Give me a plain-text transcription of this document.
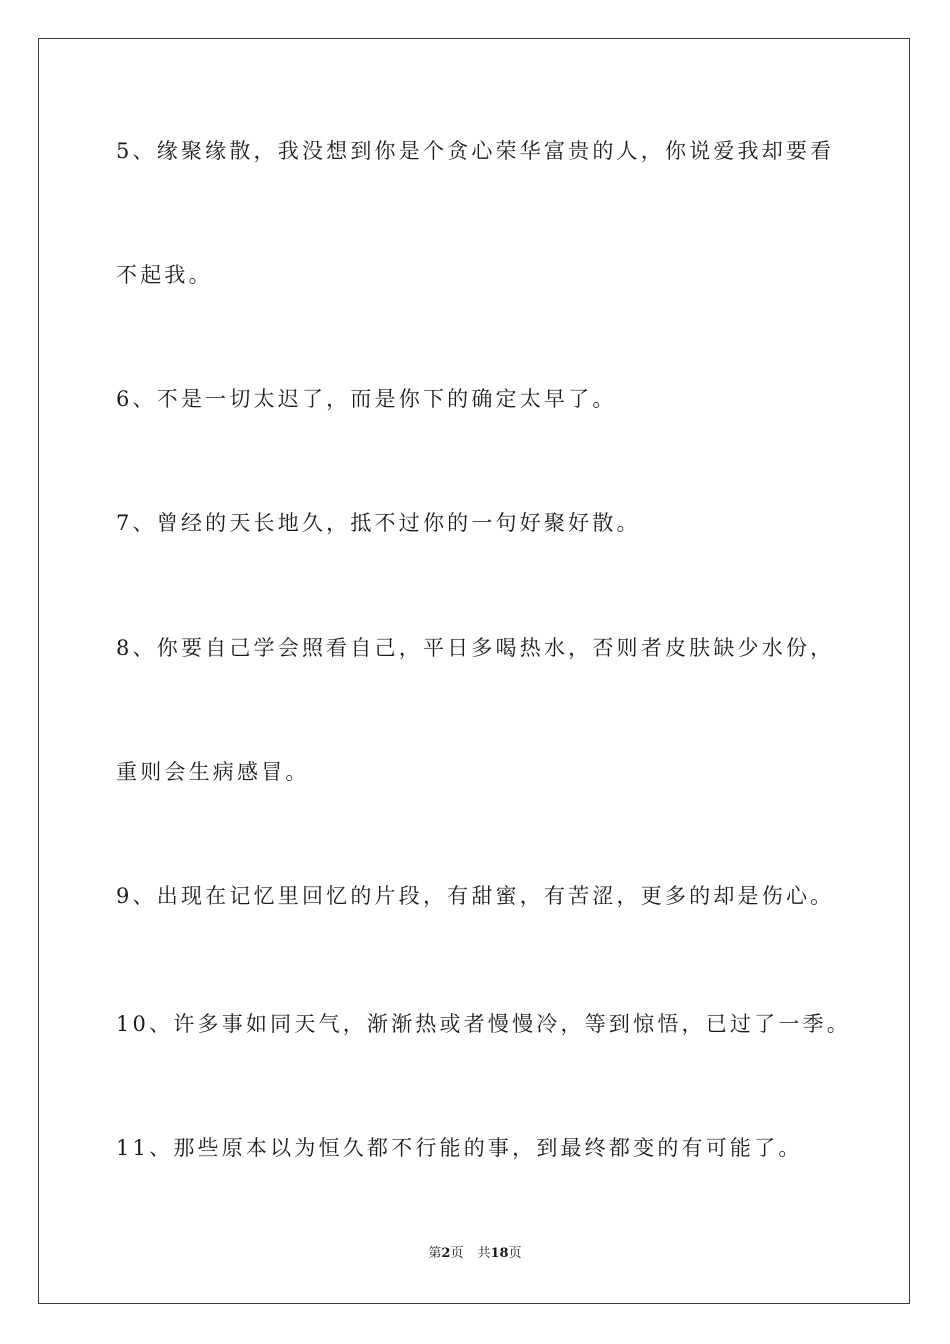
5、缘聚缘散，我没想到你是个贪心荣华富贵的人，你说爱我却要看
不起我。
6、不是一切太迟了，而是你下的确定太早了。
7、曾经的天长地久，抵不过你的一句好聚好散。
8、你要自己学会照看自己，平日多喝热水，否则者皮肤缺少水份，
重则会生病感冒。
9、出现在记忆里回忆的片段，有甜蜜，有苦涩，更多的却是伤心。
10、许多事如同天气，渐渐热或者慢慢冷，等到惊悟，已过了一季。
11、那些原本以为恒久都不行能的事，到最终都变的有可能了。
第2页 共18页
